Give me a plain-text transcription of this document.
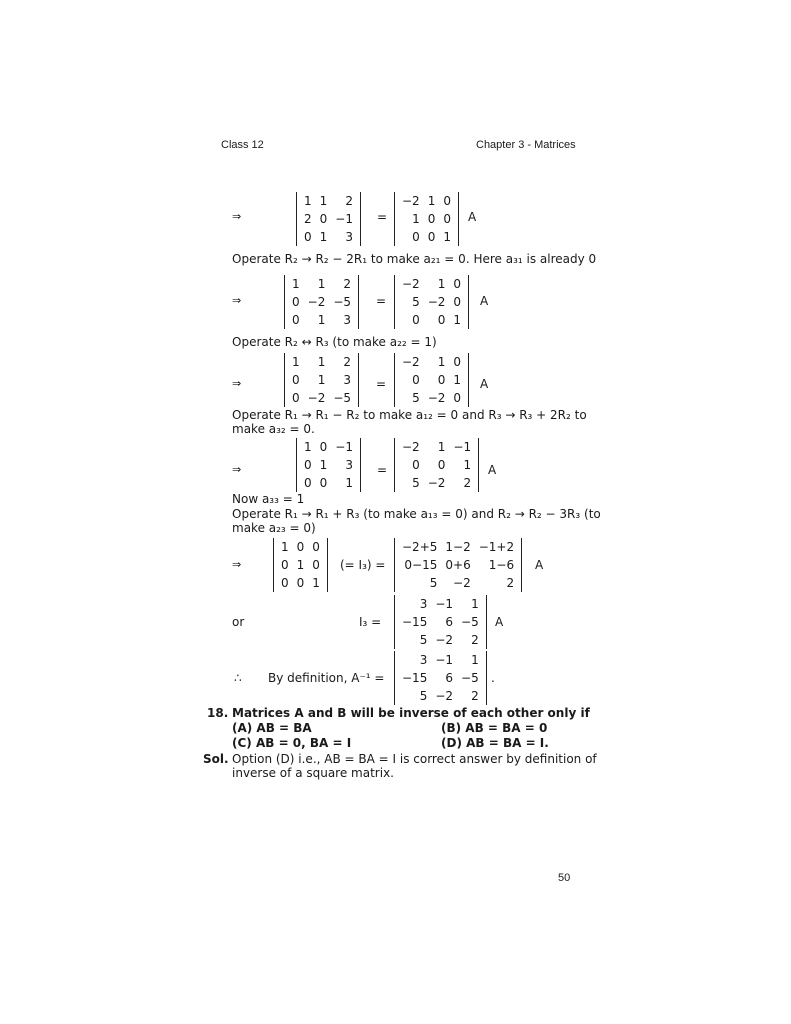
Class 12	Chapter 3 - Matrices
⇒
1	1	2
2	0	−1
0	1	3
=
−2	1	0
1	0	0
0	0	1
A
Operate R₂ → R₂ − 2R₁ to make a₂₁ = 0. Here a₃₁ is already 0
⇒
1	1	2
0	−2	−5
0	1	3
=
−2	1	0
5	−2	0
0	0	1
A
Operate R₂ ↔ R₃ (to make a₂₂ = 1)
⇒
1	1	2
0	1	3
0	−2	−5
=
−2	1	0
0	0	1
5	−2	0
A
Operate R₁ → R₁ − R₂ to make a₁₂ = 0 and R₃ → R₃ + 2R₂ to
make a₃₂ = 0.
⇒
1	0	−1
0	1	3
0	0	1
=
−2	1	−1
0	0	1
5	−2	2
A
Now a₃₃ = 1
Operate R₁ → R₁ + R₃ (to make a₁₃ = 0) and R₂ → R₂ − 3R₃ (to
make a₂₃ = 0)
⇒
1	0	0
0	1	0
0	0	1
(= I₃) =
−2+5	1−2	−1+2
0−15	0+6	1−6
5	−2	2
A
or	I₃ =
3	−1	1
−15	6	−5
5	−2	2
A
∴ By definition, A⁻¹ =
3	−1	1
−15	6	−5
5	−2	2
.
18. Matrices A and B will be inverse of each other only if
(A) AB = BA	(B) AB = BA = 0
(C) AB = 0, BA = I	(D) AB = BA = I.
Sol. Option (D) i.e., AB = BA = I is correct answer by definition of
inverse of a square matrix.
50
